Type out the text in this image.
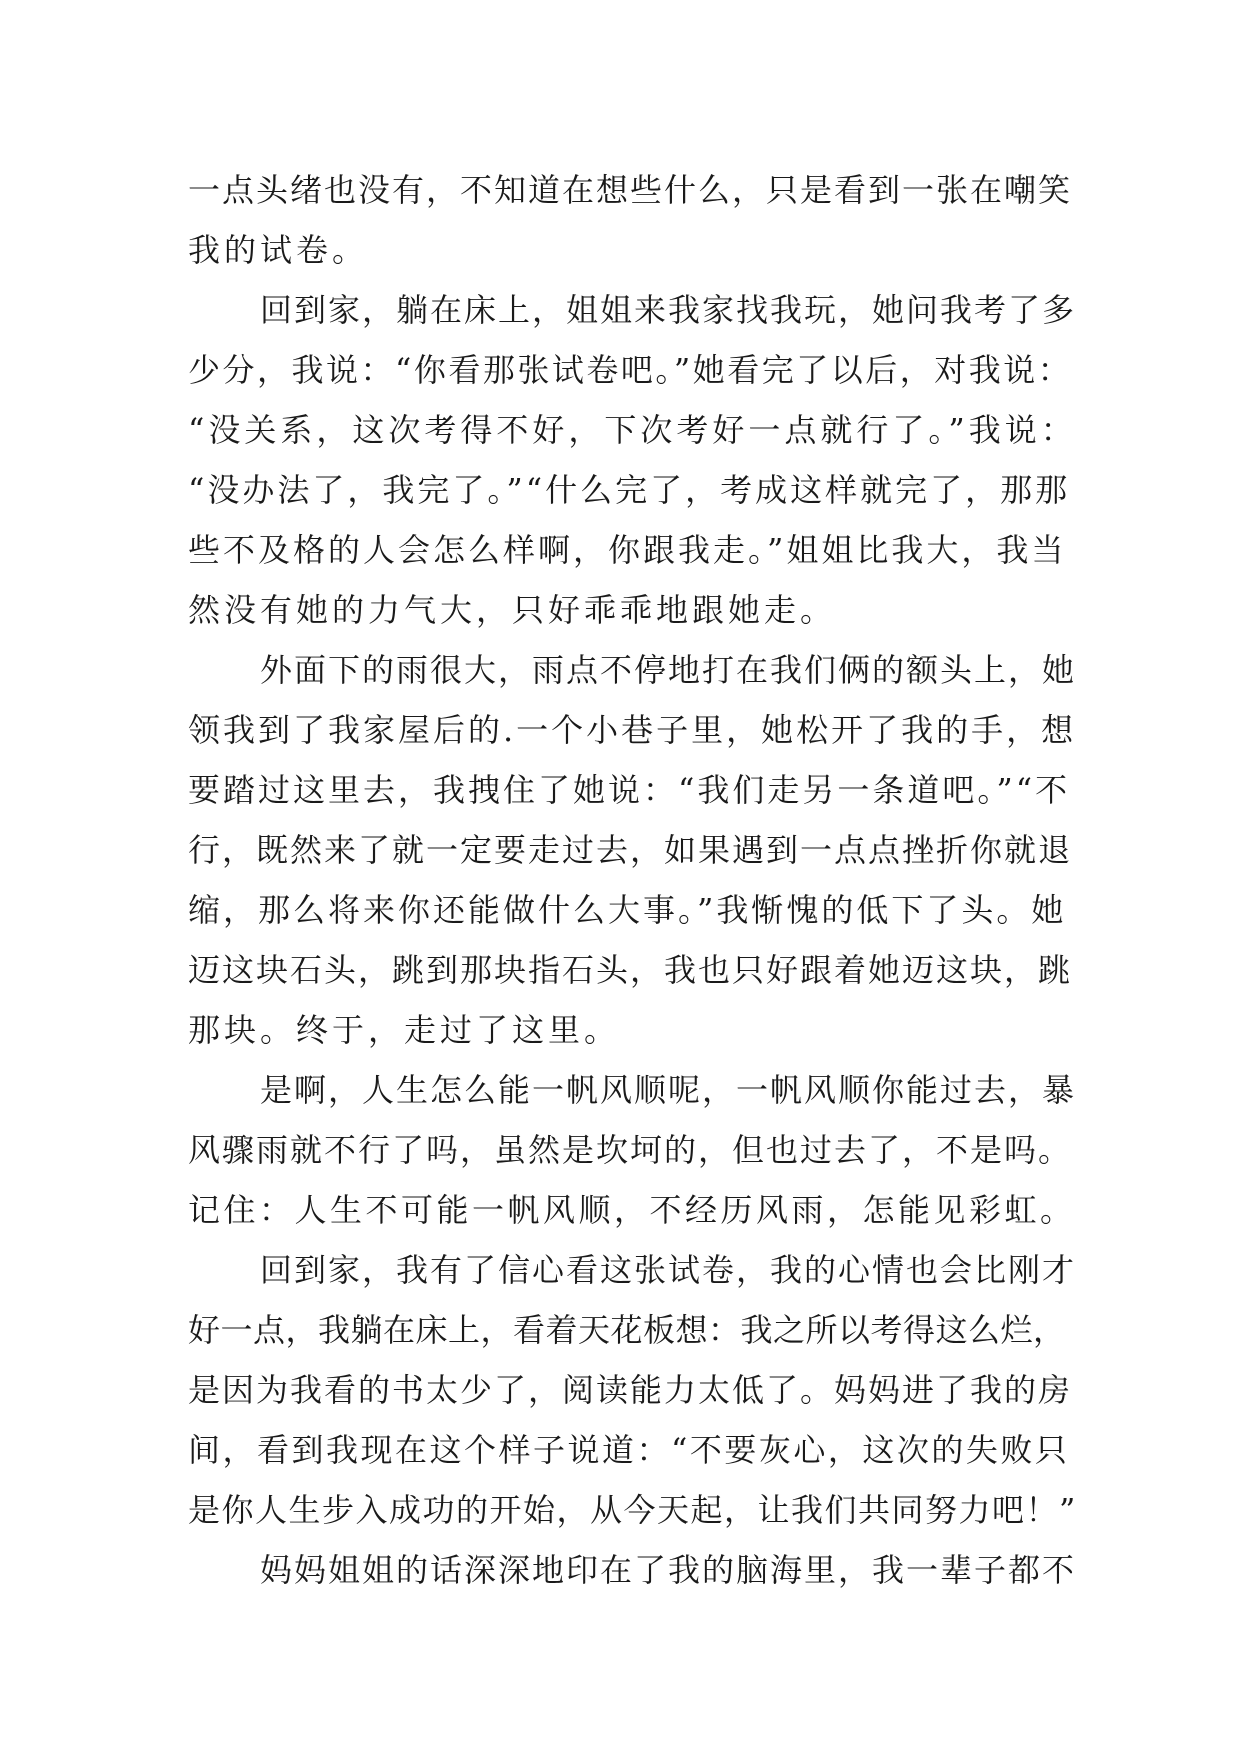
一点头绪也没有，不知道在想些什么，只是看到一张在嘲笑
我的试卷。
回到家，躺在床上，姐姐来我家找我玩，她问我考了多
少分，我说：“你看那张试卷吧。”她看完了以后，对我说：
“没关系，这次考得不好，下次考好一点就行了。”我说：
“没办法了，我完了。”“什么完了，考成这样就完了，那那
些不及格的人会怎么样啊，你跟我走。”姐姐比我大，我当
然没有她的力气大，只好乖乖地跟她走。
外面下的雨很大，雨点不停地打在我们俩的额头上，她
领我到了我家屋后的.一个小巷子里，她松开了我的手，想
要踏过这里去，我拽住了她说：“我们走另一条道吧。”“不
行，既然来了就一定要走过去，如果遇到一点点挫折你就退
缩，那么将来你还能做什么大事。”我惭愧的低下了头。她
迈这块石头，跳到那块指石头，我也只好跟着她迈这块，跳
那块。终于，走过了这里。
是啊，人生怎么能一帆风顺呢，一帆风顺你能过去，暴
风骤雨就不行了吗，虽然是坎坷的，但也过去了，不是吗。
记住：人生不可能一帆风顺，不经历风雨，怎能见彩虹。
回到家，我有了信心看这张试卷，我的心情也会比刚才
好一点，我躺在床上，看着天花板想：我之所以考得这么烂，
是因为我看的书太少了，阅读能力太低了。妈妈进了我的房
间，看到我现在这个样子说道：“不要灰心，这次的失败只
是你人生步入成功的开始，从今天起，让我们共同努力吧！”
妈妈姐姐的话深深地印在了我的脑海里，我一辈子都不
